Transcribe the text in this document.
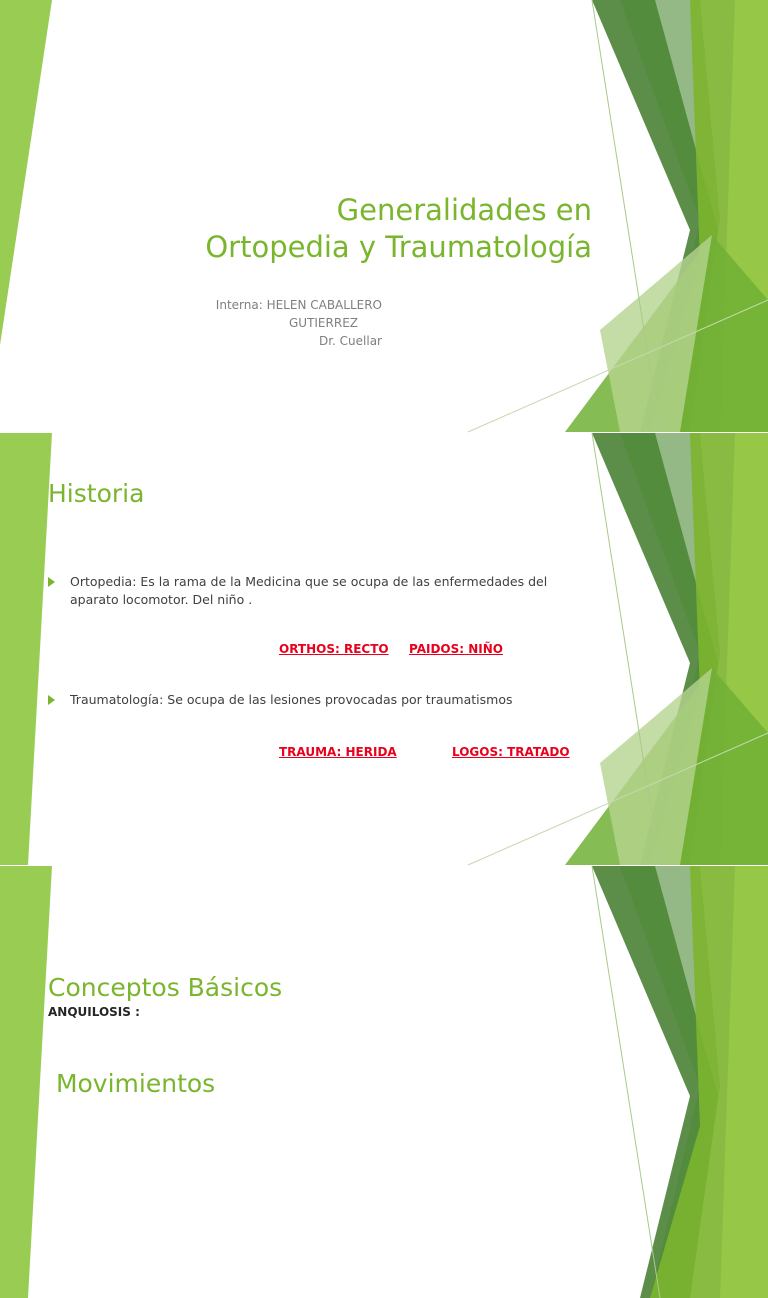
Generalidades en
Ortopedia y Traumatología
Interna: HELEN CABALLERO
GUTIERREZ
Dr. Cuellar
Historia
Ortopedia: Es la rama de la Medicina que se ocupa de las enfermedades del aparato locomotor. Del niño .
ORTHOS: RECTO PAIDOS: NIÑO
Traumatología: Se ocupa de las lesiones provocadas por traumatismos
TRAUMA: HERIDA	LOGOS: TRATADO

Conceptos Básicos

Movimientos

ANQUILOSIS :
